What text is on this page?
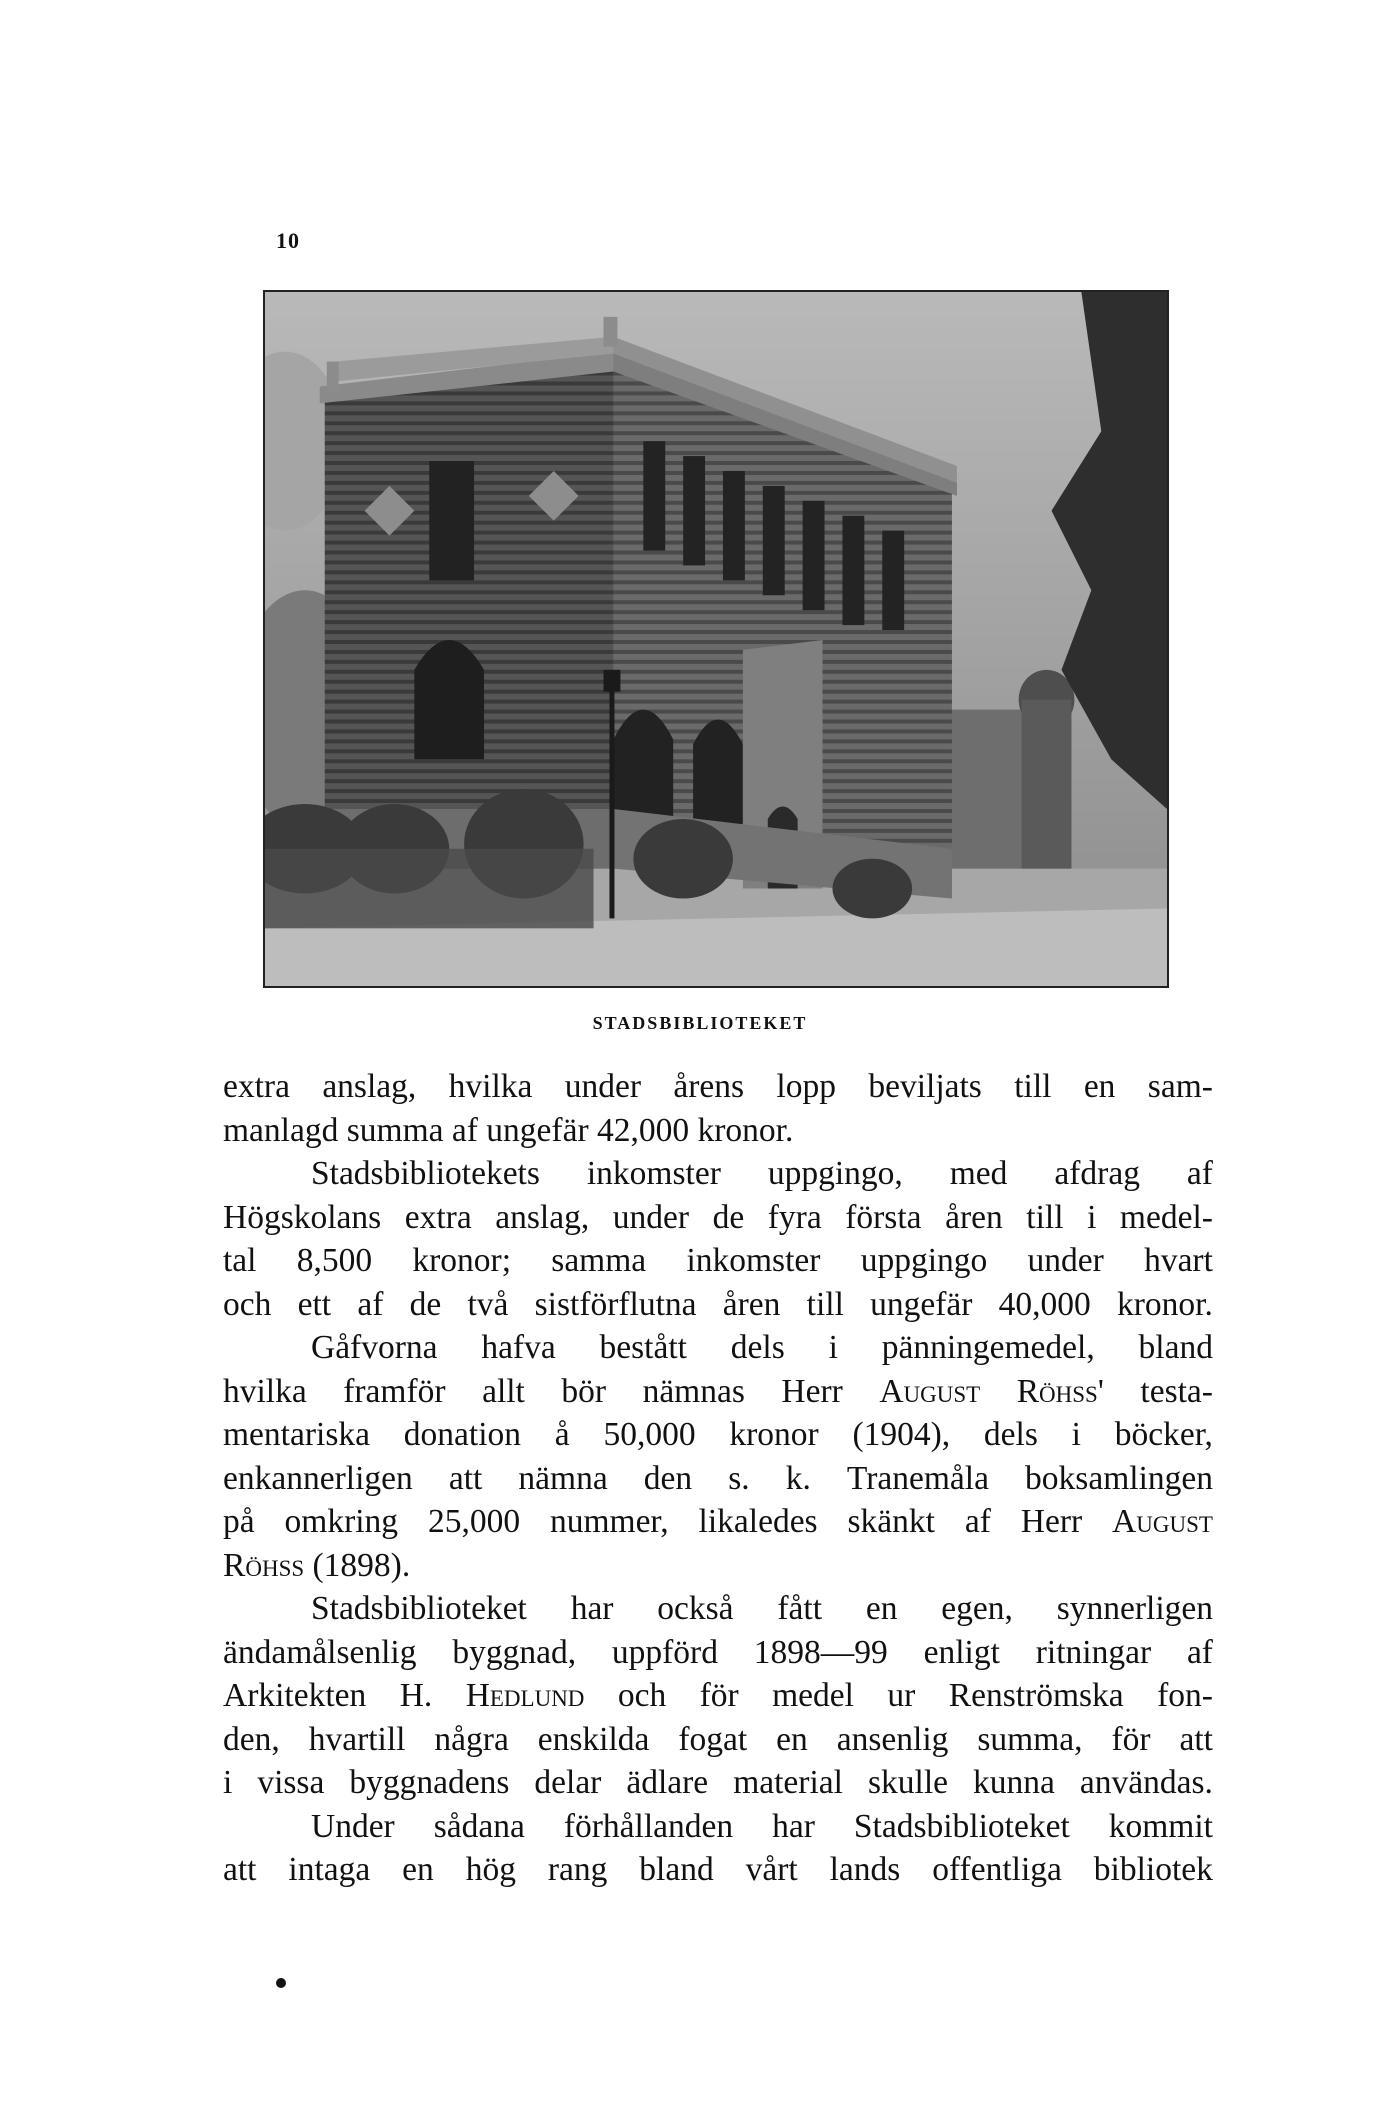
10
STADSBIBLIOTEKET
extra anslag, hvilka under årens lopp beviljats till en sam-
manlagd summa af ungefär 42,000 kronor.
Stadsbibliotekets inkomster uppgingo, med afdrag af
Högskolans extra anslag, under de fyra första åren till i medel-
tal 8,500 kronor; samma inkomster uppgingo under hvart
och ett af de två sistförflutna åren till ungefär 40,000 kronor.
Gåfvorna hafva bestått dels i pänningemedel, bland
hvilka framför allt bör nämnas Herr August Röhss' testa-
mentariska donation å 50,000 kronor (1904), dels i böcker,
enkannerligen att nämna den s. k. Tranemåla boksamlingen
på omkring 25,000 nummer, likaledes skänkt af Herr August
Röhss (1898).
Stadsbiblioteket har också fått en egen, synnerligen
ändamålsenlig byggnad, uppförd 1898—99 enligt ritningar af
Arkitekten H. Hedlund och för medel ur Renströmska fon-
den, hvartill några enskilda fogat en ansenlig summa, för att
i vissa byggnadens delar ädlare material skulle kunna användas.
Under sådana förhållanden har Stadsbiblioteket kommit
att intaga en hög rang bland vårt lands offentliga bibliotek
